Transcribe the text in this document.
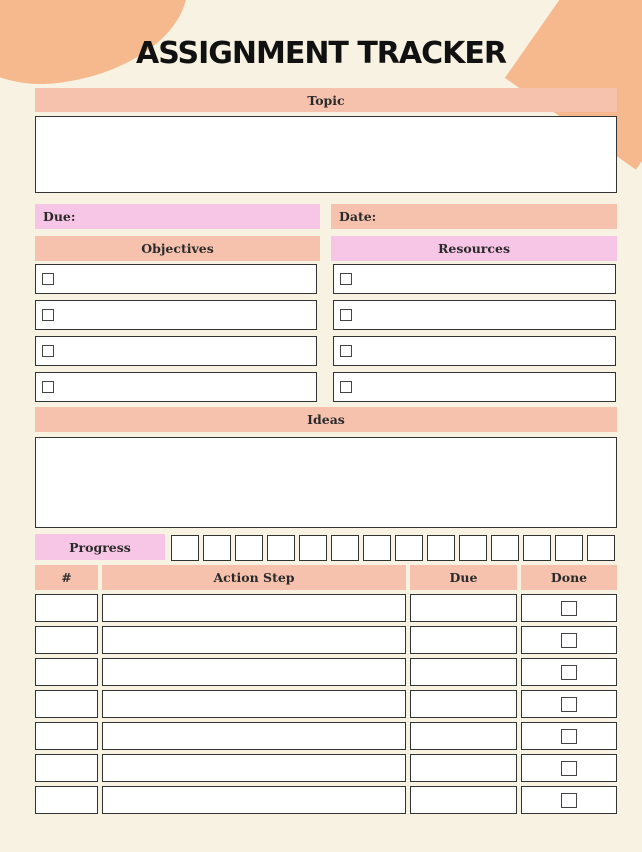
ASSIGNMENT TRACKER
Topic
Due:	Date:
Objectives	Resources
Ideas
Progress
#	Action Step	Due	Done
